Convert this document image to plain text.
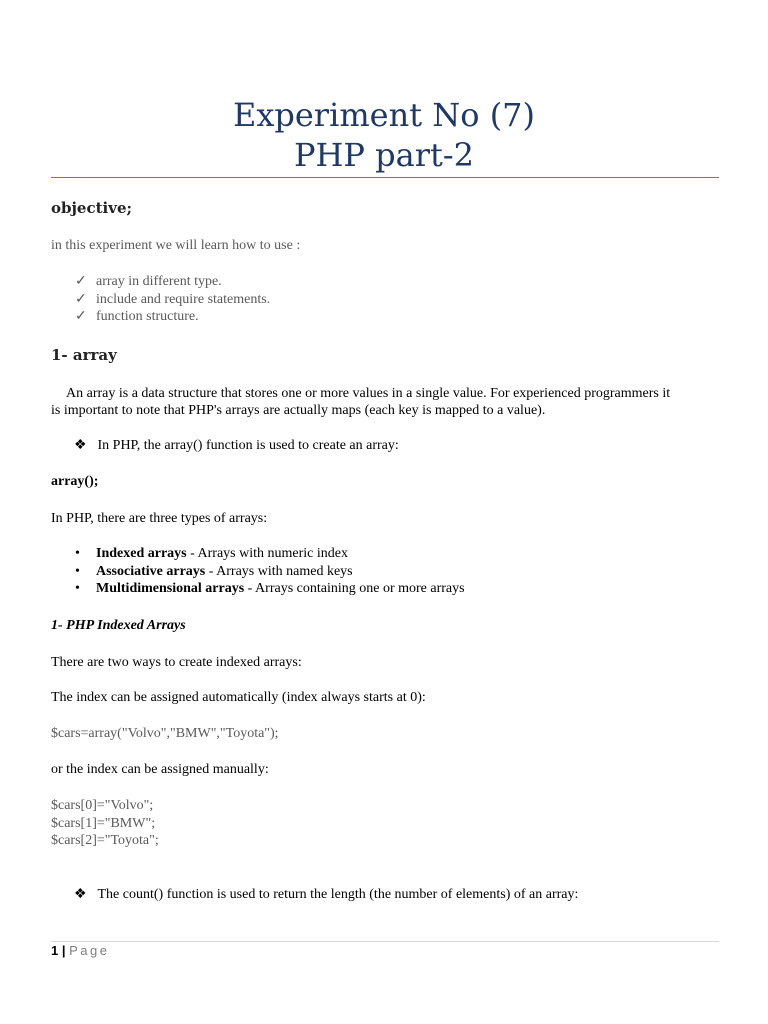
Experiment No (7)
PHP part-2
objective;
in this experiment we will learn how to use :
✓ array in different type.
✓ include and require statements.
✓ function structure.
1- array
An array is a data structure that stores one or more values in a single value. For experienced programmers it
is important to note that PHP's arrays are actually maps (each key is mapped to a value).
❖ In PHP, the array() function is used to create an array:
array();
In PHP, there are three types of arrays:
• Indexed arrays - Arrays with numeric index
• Associative arrays - Arrays with named keys
• Multidimensional arrays - Arrays containing one or more arrays
1- PHP Indexed Arrays
There are two ways to create indexed arrays:
The index can be assigned automatically (index always starts at 0):
$cars=array("Volvo","BMW","Toyota");
or the index can be assigned manually:
$cars[0]="Volvo";
$cars[1]="BMW";
$cars[2]="Toyota";
❖ The count() function is used to return the length (the number of elements) of an array:
1 | Page
